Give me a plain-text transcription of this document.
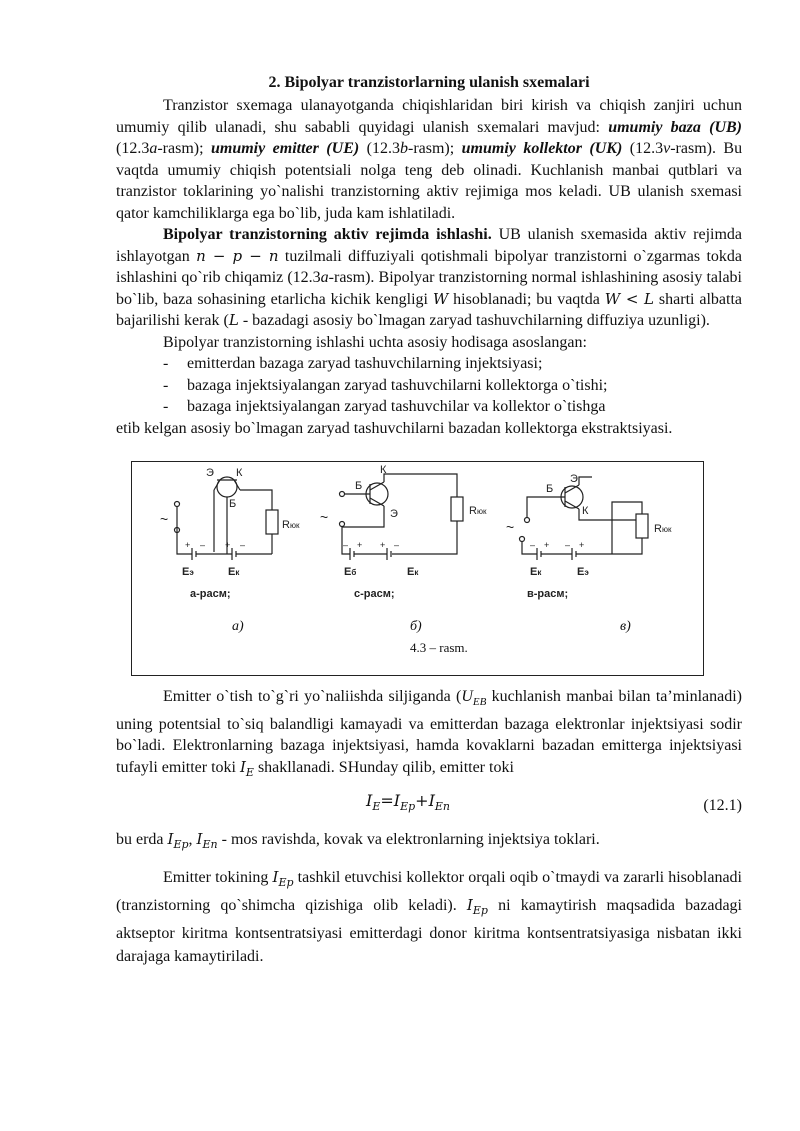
2. Bipolyar tranzistorlarning ulanish sxemalari

Tranzistor sxemaga ulanayotganda chiqishlaridan biri kirish va chiqish zanjiri uchun umumiy qilib ulanadi, shu sababli quyidagi ulanish sxemalari mavjud: umumiy baza (UB) (12.3a-rasm); umumiy emitter (UE) (12.3b-rasm); umumiy kollektor (UK) (12.3v-rasm). Bu vaqtda umumiy chiqish potentsiali nolga teng deb olinadi. Kuchlanish manbai qutblari va tranzistor toklarining yo`nalishi tranzistorning aktiv rejimiga mos keladi. UB ulanish sxemasi qator kamchiliklarga ega bo`lib, juda kam ishlatiladi.

Bipolyar tranzistorning aktiv rejimda ishlashi. UB ulanish sxemasida aktiv rejimda ishlayotgan n − p − n tuzilmali diffuziyali qotishmali bipolyar tranzistorni o`zgarmas tokda ishlashini qo`rib chiqamiz (12.3a-rasm). Bipolyar tranzistorning normal ishlashining asosiy talabi bo`lib, baza sohasining etarlicha kichik kengligi W hisoblanadi; bu vaqtda W < L sharti albatta bajarilishi kerak (L - bazadagi asosiy bo`lmagan zaryad tashuvchilarning diffuziya uzunligi).

Bipolyar tranzistorning ishlashi uchta asosiy hodisaga asoslangan:

- emitterdan bazaga zaryad tashuvchilarning injektsiyasi;
- bazaga injektsiyalangan zaryad tashuvchilarni kollektorga o`tishi;
- bazaga injektsiyalangan zaryad tashuvchilar va kollektor o`tishga

etib kelgan asosiy bo`lmagan zaryad tashuvchilarni bazadan kollektorga ekstraktsiyasi.

~
Э К
Б
Rюк
+ – + –
Eэ	Eк
а-расм;
~
Б
К
Э	Rюк
– + + –
Eб	Eк
с-расм;
~
Б
Э
К
Rюк
– + – +
Eк	Eэ
в-расм;
а)	б)	в)
4.3 – rasm.

Emitter o`tish to`g`ri yo`naliishda siljiganda ($U_{EB}$ kuchlanish manbai bilan ta’minlanadi) uning potentsial to`siq balandligi kamayadi va emitterdan bazaga elektronlar injektsiyasi sodir bo`ladi. Elektronlarning bazaga injektsiyasi, hamda kovaklarni bazadan emitterga injektsiyasi tufayli emitter toki $I_E$ shakllanadi. SHunday qilib, emitter toki

$I_E=I_{Ep}+I_{En}$	(12.1)

bu erda $I_{Ep}$, $I_{En}$ - mos ravishda, kovak va elektronlarning injektsiya toklari.

Emitter tokining $I_{Ep}$ tashkil etuvchisi kollektor orqali oqib o`tmaydi va zararli hisoblanadi (tranzistorning qo`shimcha qizishiga olib keladi). $I_{Ep}$ ni kamaytirish maqsadida bazadagi aktseptor kiritma kontsentratsiyasi emitterdagi donor kiritma kontsentratsiyasiga nisbatan ikki darajaga kamaytiriladi.
